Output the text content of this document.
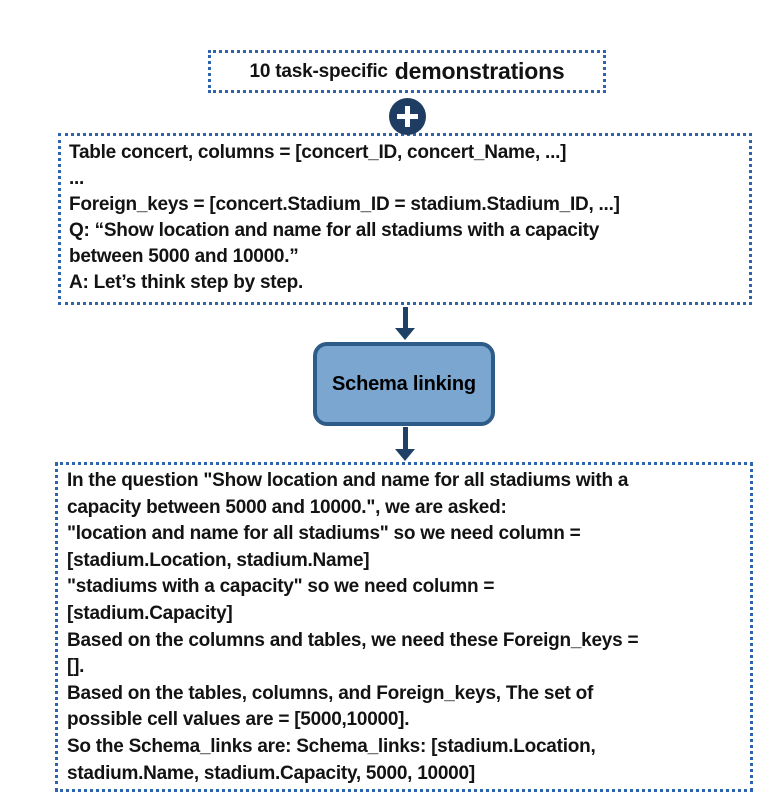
10 task-specific demonstrations
Table concert, columns = [concert_ID, concert_Name, ...]
...
Foreign_keys = [concert.Stadium_ID = stadium.Stadium_ID, ...]
Q: “Show location and name for all stadiums with a capacity
between 5000 and 10000.”
A: Let’s think step by step.
Schema linking
In the question "Show location and name for all stadiums with a
capacity between 5000 and 10000.", we are asked:
"location and name for all stadiums" so we need column =
[stadium.Location, stadium.Name]
"stadiums with a capacity" so we need column =
[stadium.Capacity]
Based on the columns and tables, we need these Foreign_keys =
[].
Based on the tables, columns, and Foreign_keys, The set of
possible cell values are = [5000,10000].
So the Schema_links are: Schema_links: [stadium.Location,
stadium.Name, stadium.Capacity, 5000, 10000]
